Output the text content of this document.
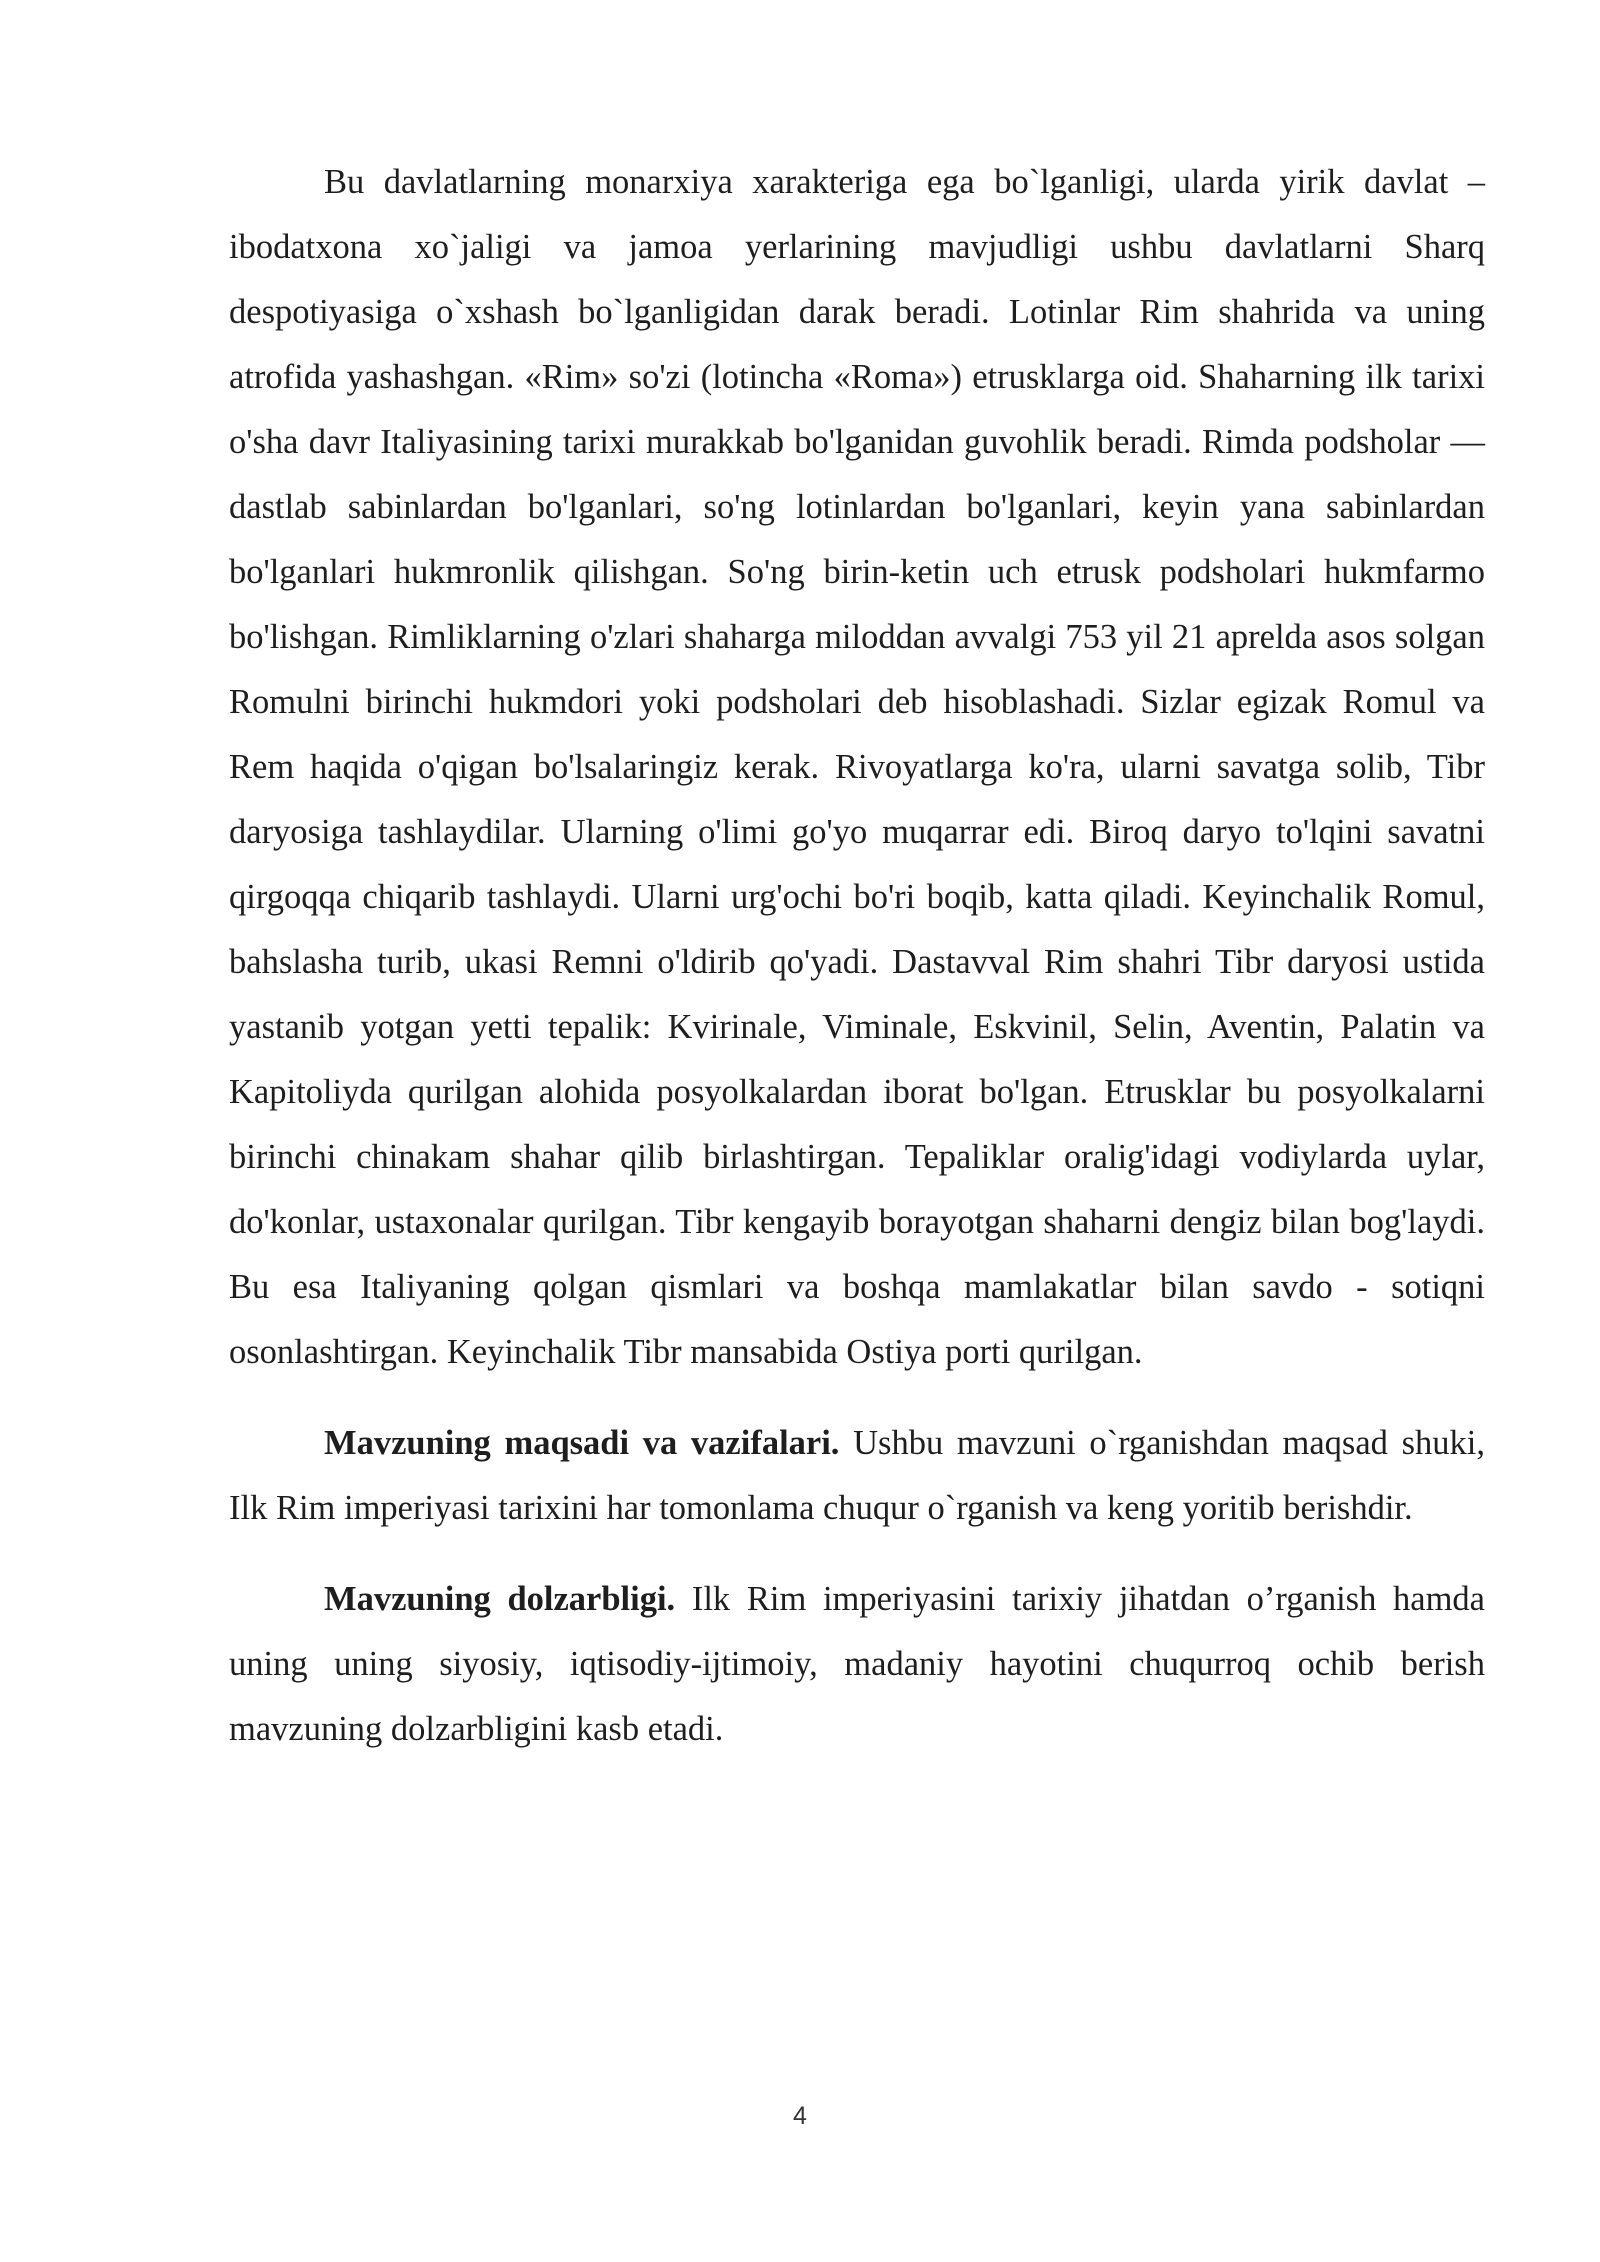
Bu davlatlarning monarxiya xarakteriga ega bo`lganligi, ularda yirik davlat – ibodatxona xo`jaligi va jamoa yerlarining mavjudligi ushbu davlatlarni Sharq despotiyasiga o`xshash bo`lganligidan darak beradi. Lotinlar Rim shahrida va uning atrofida yashashgan. «Rim» so'zi (lotincha «Roma») etrusklarga oid. Shaharning ilk tarixi o'sha davr Italiyasining tarixi murakkab bo'lganidan guvohlik beradi. Rimda podsholar — dastlab sabinlardan bo'lganlari, so'ng lotinlardan bo'lganlari, keyin yana sabinlardan bo'lganlari hukmronlik qilishgan. So'ng birin-ketin uch etrusk podsholari hukmfarmo bo'lishgan. Rimliklarning o'zlari shaharga miloddan avvalgi 753 yil 21 aprelda asos solgan Romulni birinchi hukmdori yoki podsholari deb hisoblashadi. Sizlar egizak Romul va Rem haqida o'qigan bo'lsalaringiz kerak. Rivoyatlarga ko'ra, ularni savatga solib, Tibr daryosiga tashlaydilar. Ularning o'limi go'yo muqarrar edi. Biroq daryo to'lqini savatni qirgoqqa chiqarib tashlaydi. Ularni urg'ochi bo'ri boqib, katta qiladi. Keyinchalik Romul, bahslasha turib, ukasi Remni o'ldirib qo'yadi. Dastavval Rim shahri Tibr daryosi ustida yastanib yotgan yetti tepalik: Kvirinale, Viminale, Eskvinil, Selin, Aventin, Palatin va Kapitoliyda qurilgan alohida posyolkalardan iborat bo'lgan. Etrusklar bu posyolkalarni birinchi chinakam shahar qilib birlashtirgan. Tepaliklar oralig'idagi vodiylarda uylar, do'konlar, ustaxonalar qurilgan. Tibr kengayib borayotgan shaharni dengiz bilan bog'laydi. Bu esa Italiyaning qolgan qismlari va boshqa mamlakatlar bilan savdo - sotiqni osonlashtirgan. Keyinchalik Tibr mansabida Ostiya porti qurilgan.

Mavzuning maqsadi va vazifalari. Ushbu mavzuni o`rganishdan maqsad shuki, Ilk Rim imperiyasi tarixini har tomonlama chuqur o`rganish va keng yoritib berishdir.

Mavzuning dolzarbligi. Ilk Rim imperiyasini tarixiy jihatdan o’rganish hamda uning uning siyosiy, iqtisodiy-ijtimoiy, madaniy hayotini chuqurroq ochib berish mavzuning dolzarbligini kasb etadi.

4
